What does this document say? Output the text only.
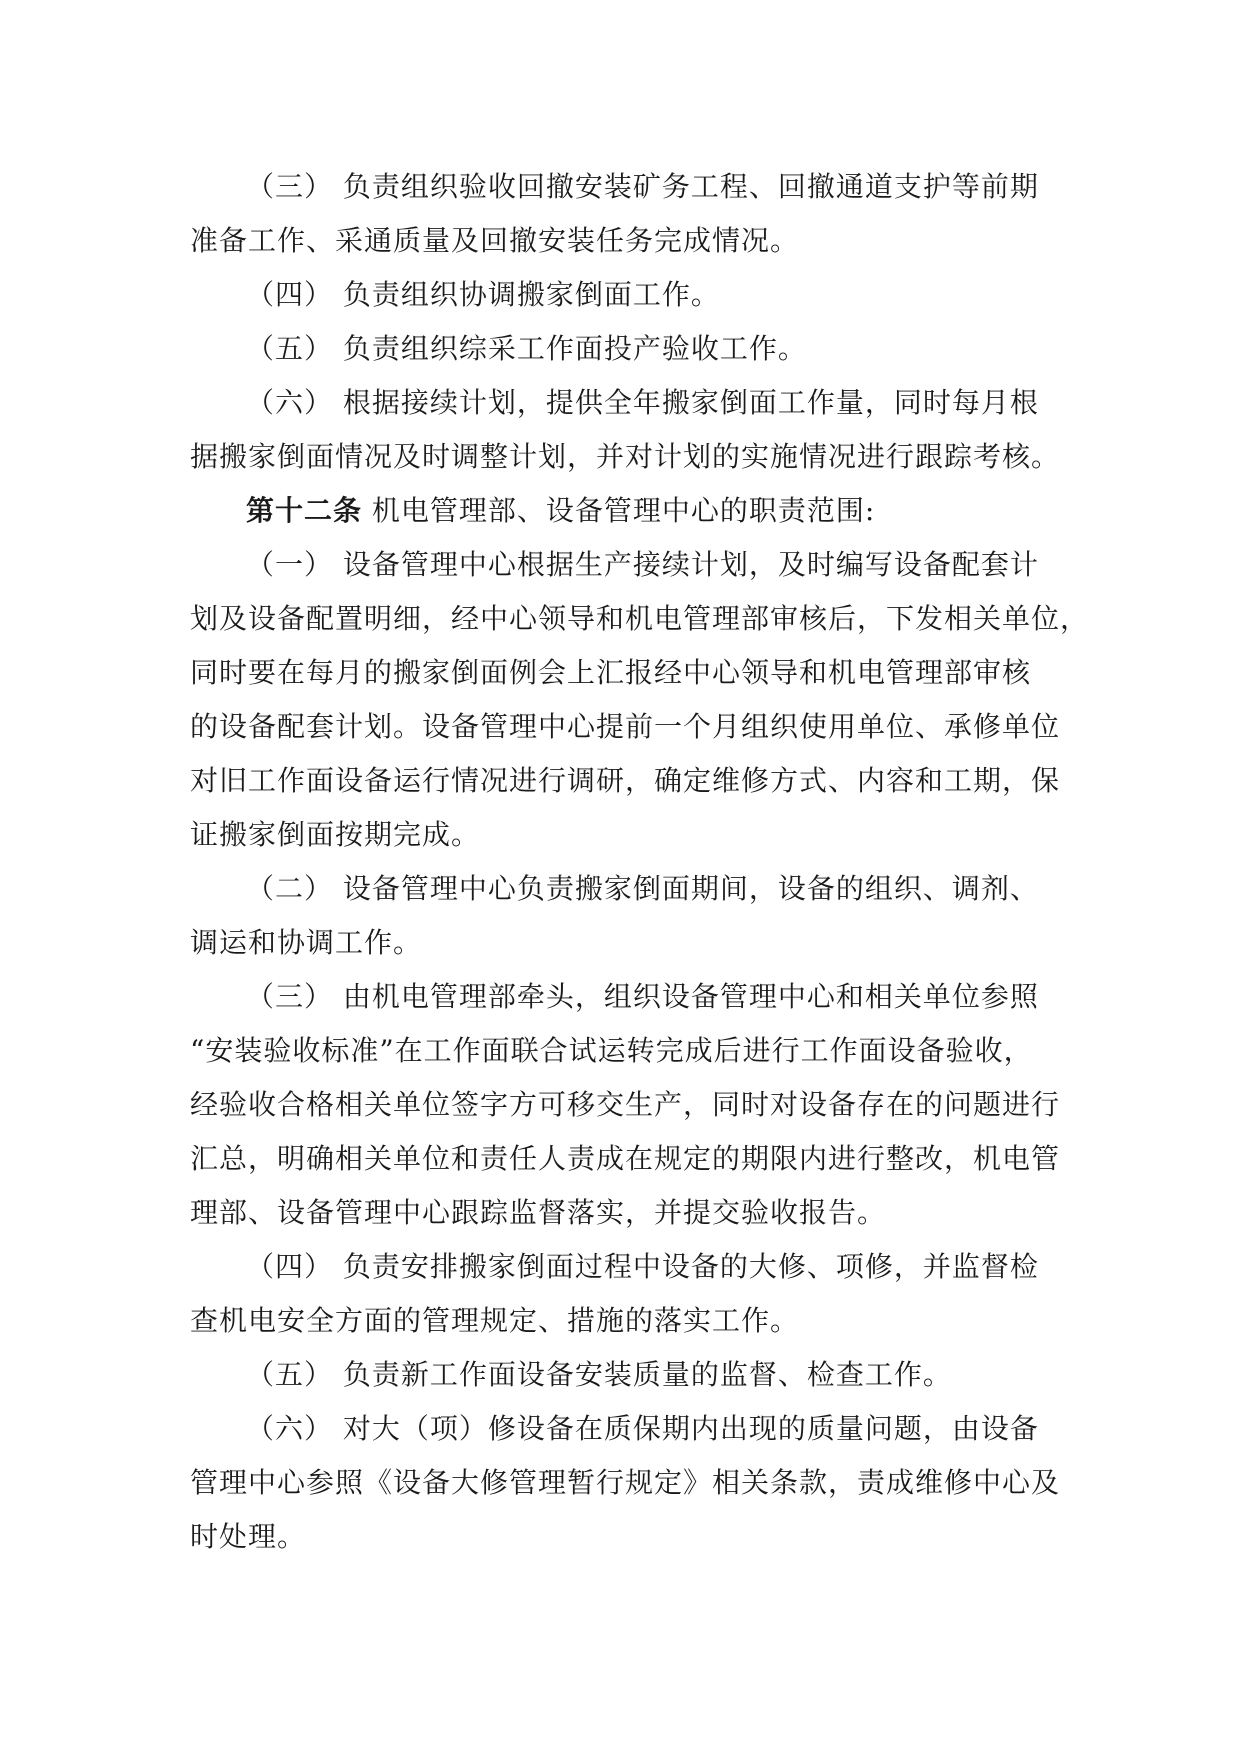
（三） 负责组织验收回撤安装矿务工程、回撤通道支护等前期
准备工作、采通质量及回撤安装任务完成情况。
（四） 负责组织协调搬家倒面工作。
（五） 负责组织综采工作面投产验收工作。
（六） 根据接续计划，提供全年搬家倒面工作量，同时每月根
据搬家倒面情况及时调整计划，并对计划的实施情况进行跟踪考核。
第十二条 机电管理部、设备管理中心的职责范围:
（一） 设备管理中心根据生产接续计划，及时编写设备配套计
划及设备配置明细，经中心领导和机电管理部审核后，下发相关单位，
同时要在每月的搬家倒面例会上汇报经中心领导和机电管理部审核
的设备配套计划。设备管理中心提前一个月组织使用单位、承修单位
对旧工作面设备运行情况进行调研，确定维修方式、内容和工期，保
证搬家倒面按期完成。
（二） 设备管理中心负责搬家倒面期间，设备的组织、调剂、
调运和协调工作。
（三） 由机电管理部牵头，组织设备管理中心和相关单位参照
“安装验收标准”在工作面联合试运转完成后进行工作面设备验收，
经验收合格相关单位签字方可移交生产，同时对设备存在的问题进行
汇总，明确相关单位和责任人责成在规定的期限内进行整改，机电管
理部、设备管理中心跟踪监督落实，并提交验收报告。
（四） 负责安排搬家倒面过程中设备的大修、项修，并监督检
查机电安全方面的管理规定、措施的落实工作。
（五） 负责新工作面设备安装质量的监督、检查工作。
（六） 对大（项）修设备在质保期内出现的质量问题，由设备
管理中心参照《设备大修管理暂行规定》相关条款，责成维修中心及
时处理。
